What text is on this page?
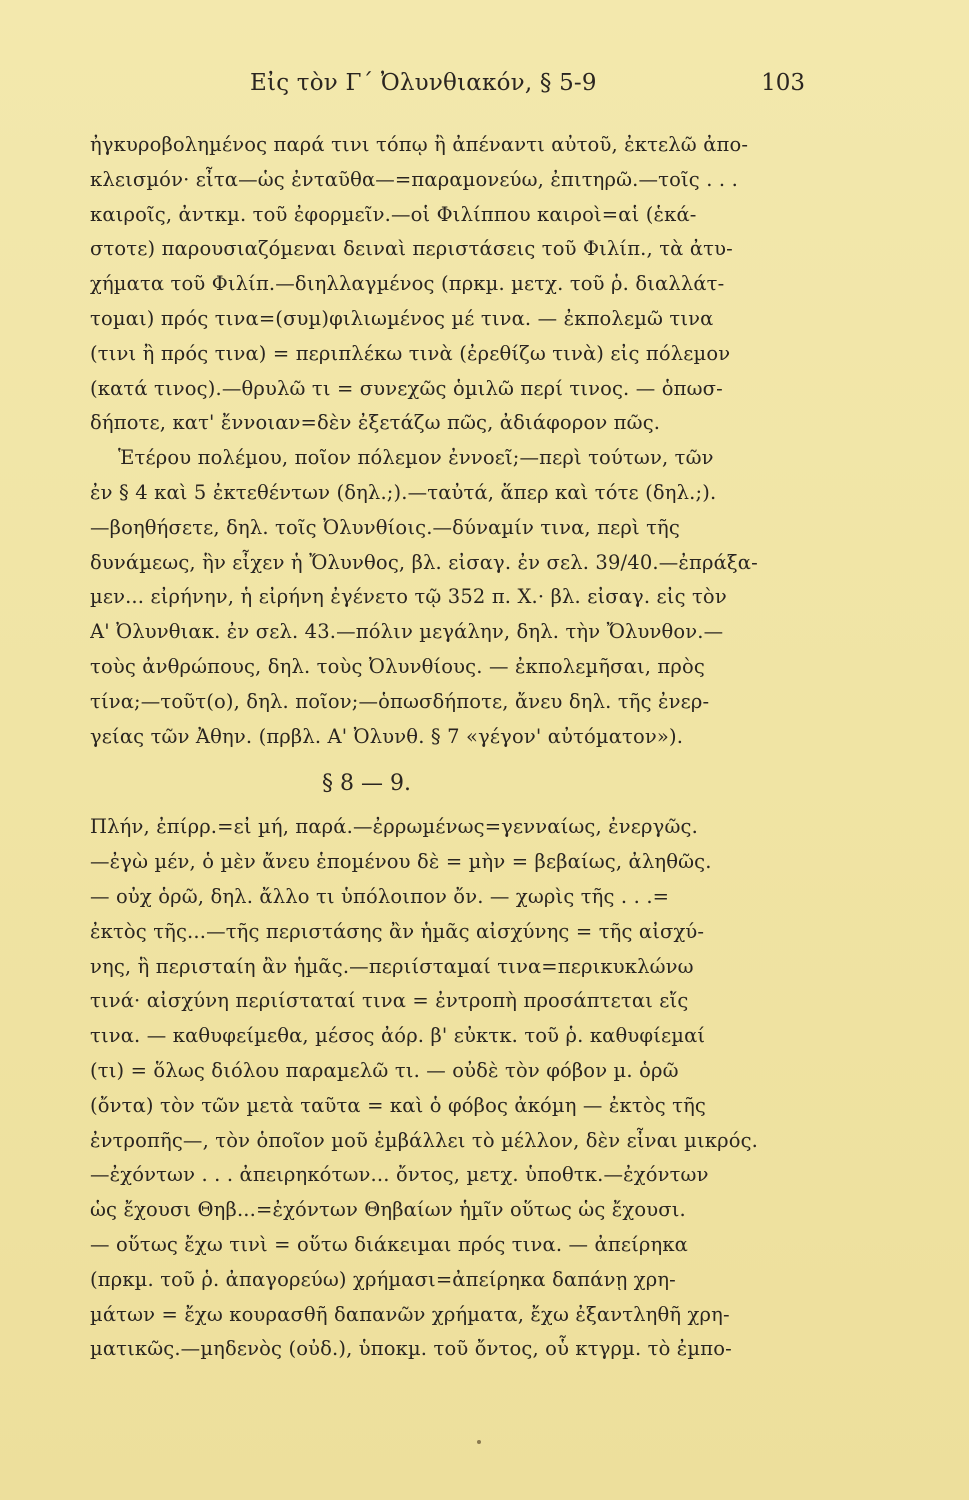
Εἰς τὸν Γ΄ Ὀλυνθιακόν, § 5-9	103
ἠγκυροβοληµένος παρά τινι τόπῳ ἢ ἀπέναντι αὐτοῦ, ἐκτελῶ ἀπο-
κλεισµόν· εἶτα—ὡς ἐνταῦθα—=παραµονεύω, ἐπιτηρῶ.—τοῖς . . .
καιροῖς, ἀντκµ. τοῦ ἐφορµεῖν.—οἱ Φιλίππου καιροὶ=αἱ (ἑκά-
στοτε) παρουσιαζόµεναι δειναὶ περιστάσεις τοῦ Φιλίπ., τὰ ἀτυ-
χήµατα τοῦ Φιλίπ.—διηλλαγµένος (πρκµ. µετχ. τοῦ ῥ. διαλλάτ-
τοµαι) πρός τινα=(συµ)φιλιωµένος µέ τινα. — ἐκπολεµῶ τινα
(τινι ἢ πρός τινα) = περιπλέκω τινὰ (ἐρεθίζω τινὰ) εἰς πόλεµον
(κατά τινος).—θρυλῶ τι = συνεχῶς ὁµιλῶ περί τινος. — ὁπωσ-
δήποτε, κατ' ἔννοιαν=δὲν ἐξετάζω πῶς, ἀδιάφορον πῶς.
Ἑτέρου πολέµου, ποῖον πόλεµον ἐννοεῖ;—περὶ τούτων, τῶν
ἐν § 4 καὶ 5 ἐκτεθέντων (δηλ.;).—ταὐτά, ἅπερ καὶ τότε (δηλ.;).
—βοηθήσετε, δηλ. τοῖς Ὀλυνθίοις.—δύναµίν τινα, περὶ τῆς
δυνάµεως, ἣν εἶχεν ἡ Ὄλυνθος, βλ. εἰσαγ. ἐν σελ. 39/40.—ἐπράξα-
µεν... εἰρήνην, ἡ εἰρήνη ἐγένετο τῷ 352 π. Χ.· βλ. εἰσαγ. εἰς τὸν
Α' Ὀλυνθιακ. ἐν σελ. 43.—πόλιν µεγάλην, δηλ. τὴν Ὄλυνθον.—
τοὺς ἀνθρώπους, δηλ. τοὺς Ὀλυνθίους. — ἐκπολεµῆσαι, πρὸς
τίνα;—τοῦτ(ο), δηλ. ποῖον;—ὁπωσδήποτε, ἄνευ δηλ. τῆς ἐνερ-
γείας τῶν Ἀθην. (πρβλ. Α' Ὀλυνθ. § 7 «γέγον' αὐτόµατον»).
§ 8 — 9.
Πλήν, ἐπίρρ.=εἰ µή, παρά.—ἐρρωµένως=γενναίως, ἐνεργῶς.
—ἐγὼ µέν, ὁ µὲν ἄνευ ἑποµένου δὲ = µὴν = βεβαίως, ἀληθῶς.
— οὐχ ὁρῶ, δηλ. ἄλλο τι ὑπόλοιπον ὄν. — χωρὶς τῆς . . .=
ἐκτὸς τῆς...—τῆς περιστάσης ἂν ἡµᾶς αἰσχύνης = τῆς αἰσχύ-
νης, ἣ περισταίη ἂν ἡµᾶς.—περιίσταµαί τινα=περικυκλώνω
τινά· αἰσχύνη περιίσταταί τινα = ἐντροπὴ προσάπτεται εἴς
τινα. — καθυφείµεθα, µέσος ἀόρ. β' εὐκτκ. τοῦ ῥ. καθυφίεµαί
(τι) = ὅλως διόλου παραµελῶ τι. — οὐδὲ τὸν φόβον µ. ὁρῶ
(ὄντα) τὸν τῶν µετὰ ταῦτα = καὶ ὁ φόβος ἀκόµη — ἐκτὸς τῆς
ἐντροπῆς—, τὸν ὁποῖον µοῦ ἐµβάλλει τὸ µέλλον, δὲν εἶναι µικρός.
—ἐχόντων . . . ἀπειρηκότων... ὄντος, µετχ. ὑποθτκ.—ἐχόντων
ὡς ἔχουσι Θηβ...=ἐχόντων Θηβαίων ἡµῖν οὕτως ὡς ἔχουσι.
— οὕτως ἔχω τινὶ = οὕτω διάκειµαι πρός τινα. — ἀπείρηκα
(πρκµ. τοῦ ῥ. ἀπαγορεύω) χρήµασι=ἀπείρηκα δαπάνῃ χρη-
µάτων = ἔχω κουρασθῆ δαπανῶν χρήµατα, ἔχω ἐξαντληθῆ χρη-
µατικῶς.—µηδενὸς (οὐδ.), ὑποκµ. τοῦ ὄντος, οὗ κτγρµ. τὸ ἐµπο-
